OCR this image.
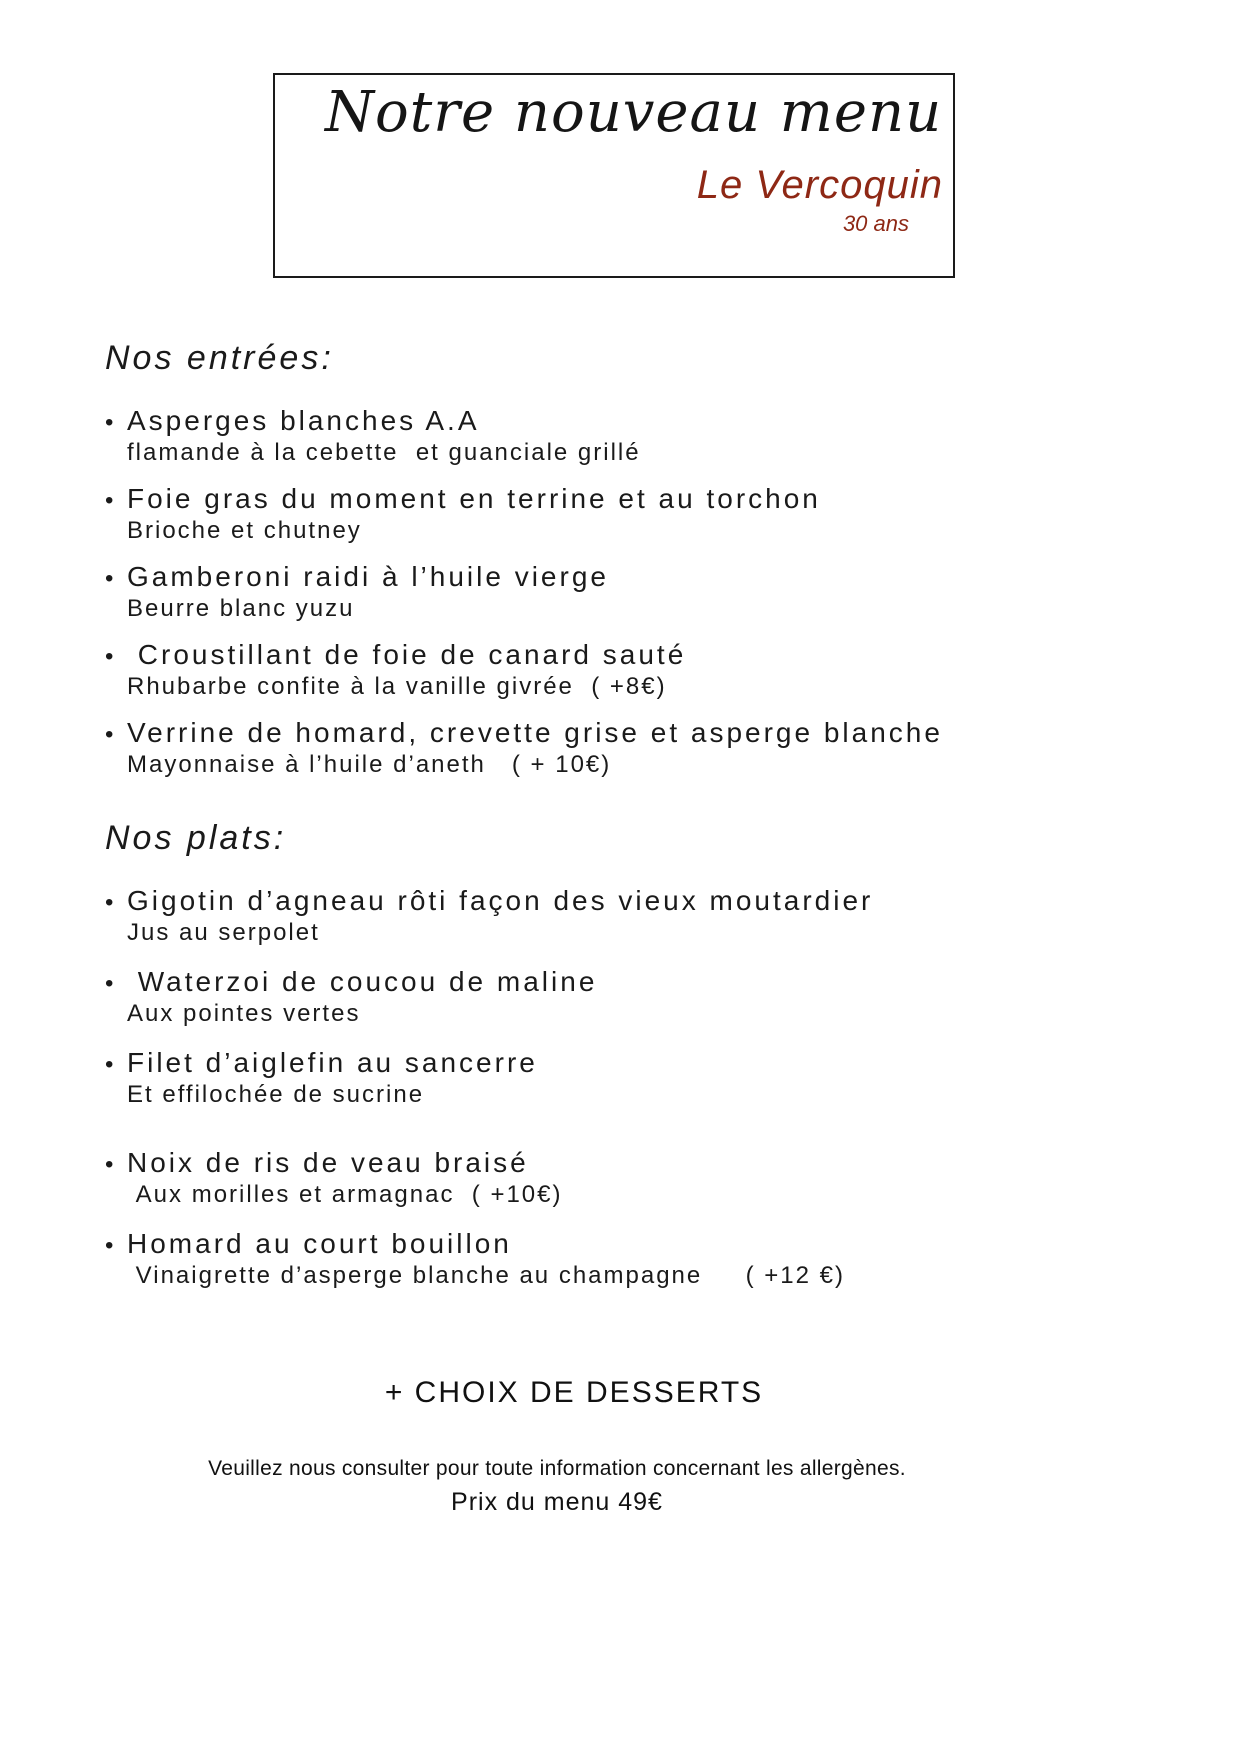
Notre nouveau menu
Le Vercoquin
30 ans
Nos entrées:
• Asperges blanches A.A
flamande à la cebette  et guanciale grillé
• Foie gras du moment en terrine et au torchon
Brioche et chutney
• Gamberoni raidi à l’huile vierge
Beurre blanc yuzu
• Croustillant de foie de canard sauté
Rhubarbe confite à la vanille givrée  ( +8€)
• Verrine de homard, crevette grise et asperge blanche
Mayonnaise à l’huile d’aneth   ( + 10€)
Nos plats:
• Gigotin d’agneau rôti façon des vieux moutardier
Jus au serpolet
• Waterzoi de coucou de maline
Aux pointes vertes
• Filet d’aiglefin au sancerre
Et effilochée de sucrine
• Noix de ris de veau braisé
Aux morilles et armagnac  ( +10€)
• Homard au court bouillon
Vinaigrette d’asperge blanche au champagne     ( +12 €)
+ CHOIX DE DESSERTS
Veuillez nous consulter pour toute information concernant les allergènes.
Prix du menu 49€
